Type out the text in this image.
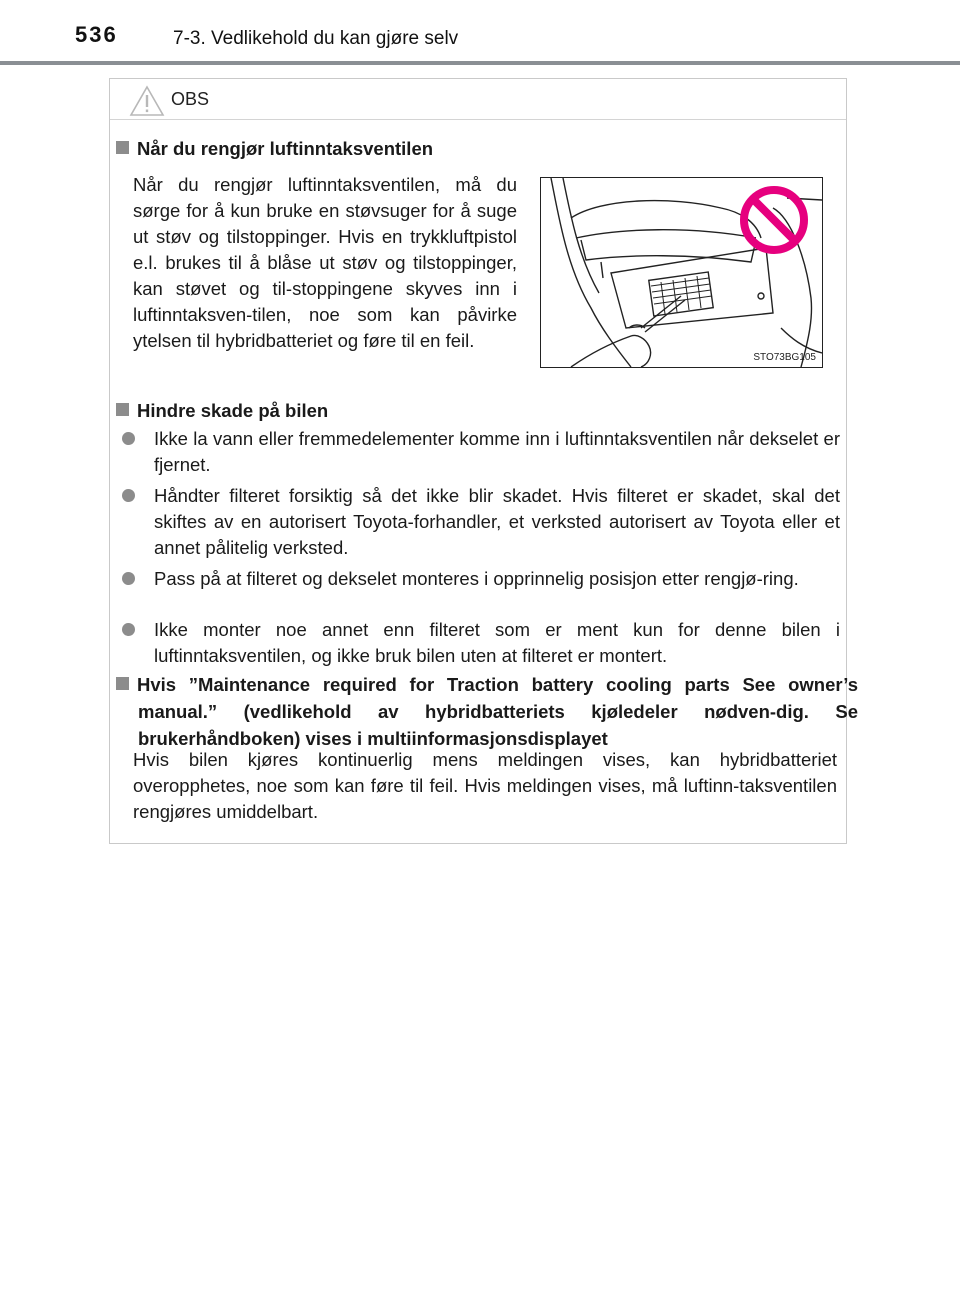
536	7-3. Vedlikehold du kan gjøre selv
OBS
Når du rengjør luftinntaksventilen
Når du rengjør luftinntaksventilen, må du sørge for å kun bruke en støvsuger for å suge ut støv og tilstoppinger. Hvis en trykkluftpistol e.l. brukes til å blåse ut støv og tilstoppinger, kan støvet og til-stoppingene skyves inn i luftinntaksven-tilen, noe som kan påvirke ytelsen til hybridbatteriet og føre til en feil.
STO73BG105
Hindre skade på bilen
Ikke la vann eller fremmedelementer komme inn i luftinntaksventilen når dekselet er fjernet.
Håndter filteret forsiktig så det ikke blir skadet. Hvis filteret er skadet, skal det skiftes av en autorisert Toyota-forhandler, et verksted autorisert av Toyota eller et annet pålitelig verksted.
Pass på at filteret og dekselet monteres i opprinnelig posisjon etter rengjø-ring.
Ikke monter noe annet enn filteret som er ment kun for denne bilen i luftinntaksventilen, og ikke bruk bilen uten at filteret er montert.
Hvis ”Maintenance required for Traction battery cooling parts See owner’s manual.” (vedlikehold av hybridbatteriets kjøledeler nødven-dig. Se brukerhåndboken) vises i multiinformasjonsdisplayet
Hvis bilen kjøres kontinuerlig mens meldingen vises, kan hybridbatteriet overopphetes, noe som kan føre til feil. Hvis meldingen vises, må luftinn-taksventilen rengjøres umiddelbart.
